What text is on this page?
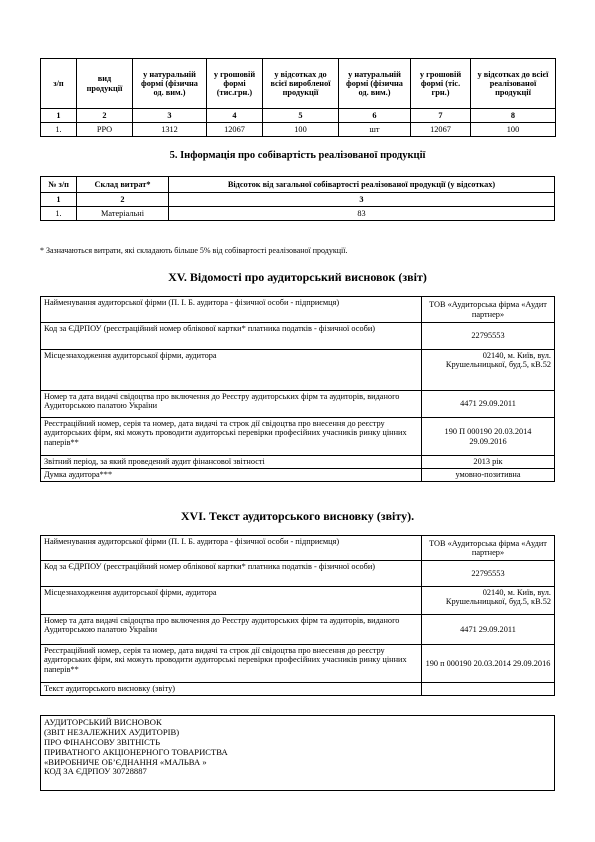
з/п	вид продукції	у натуральній формі (фізична од. вим.)	у грошовій формі (тис.грн.)	у відсотках до всієї виробленої продукції	у натуральній формі (фізична од. вим.)	у грошовій формі (тіс. грн.)	у відсотках до всієї реалізованої продукції
1	2	3	4	5	6	7	8
1.	PPO	1312	12067	100	шт	12067	100
5. Інформація про собівартість реалізованої продукції
№ з/п	Склад витрат*	Відсоток від загальної собівартості реалізованої продукції (у відсотках)
1	2	3
1.	Матеріальні	83
* Зазначаються витрати, які складають більше 5% від собівартості реалізованої продукції.
XV. Відомості про аудиторський висновок (звіт)
Найменування аудиторської фірми (П. І. Б. аудитора - фізичної особи - підприємця)	ТОВ «Аудиторська фірма «Аудит партнер»
Код за ЄДРПОУ (реєстраційний номер облікової картки* платника податків - фізичної особи)	22795553
Місцезнаходження аудиторської фірми, аудитора	02140, м. Київ, вул. Крушельницької, буд.5, кВ.52
Номер та дата видачі свідоцтва про включення до Реєстру аудиторських фірм та аудиторів, виданого Аудиторською палатою України	4471 29.09.2011
Реєстраційний номер, серія та номер, дата видачі та строк дії свідоцтва про внесення до реєстру аудиторських фірм, які можуть проводити аудиторські перевірки професійних учасників ринку цінних паперів**	190 П 000190 20.03.2014 29.09.2016
Звітний період, за який проведений аудит фінансової звітності	2013 рік
Думка аудитора***	умовно-позитивна
XVI. Текст аудиторського висновку (звіту).
Найменування аудиторської фірми (П. І. Б. аудитора - фізичної особи - підприємця)	ТОВ «Аудиторська фірма «Аудит партнер»
Код за ЄДРПОУ (реєстраційний номер облікової картки* платника податків - фізичної особи)	22795553
Місцезнаходження аудиторської фірми, аудитора	02140, м. Київ, вул. Крушельницької, буд.5, кВ.52
Номер та дата видачі свідоцтва про включення до Реєстру аудиторських фірм та аудиторів, виданого Аудиторською палатою України	4471 29.09.2011
Реєстраційний номер, серія та номер, дата видачі та строк дії свідоцтва про внесення до реєстру аудиторських фірм, які можуть проводити аудиторські перевірки професійних учасників ринку цінних паперів**	190 п 000190 20.03.2014 29.09.2016
Текст аудиторського висновку (звіту)	
АУДИТОРСЬКИЙ ВИСНОВОК
(ЗВІТ НЕЗАЛЕЖНИХ АУДИТОРІВ)
ПРО ФІНАНСОВУ ЗВІТНІСТЬ
ПРИВАТНОГО АКЦІОНЕРНОГО ТОВАРИСТВА
«ВИРОБНИЧЕ ОБ’ЄДНАННЯ «МАЛЬВА »
КОД ЗА ЄДРПОУ 30728887
